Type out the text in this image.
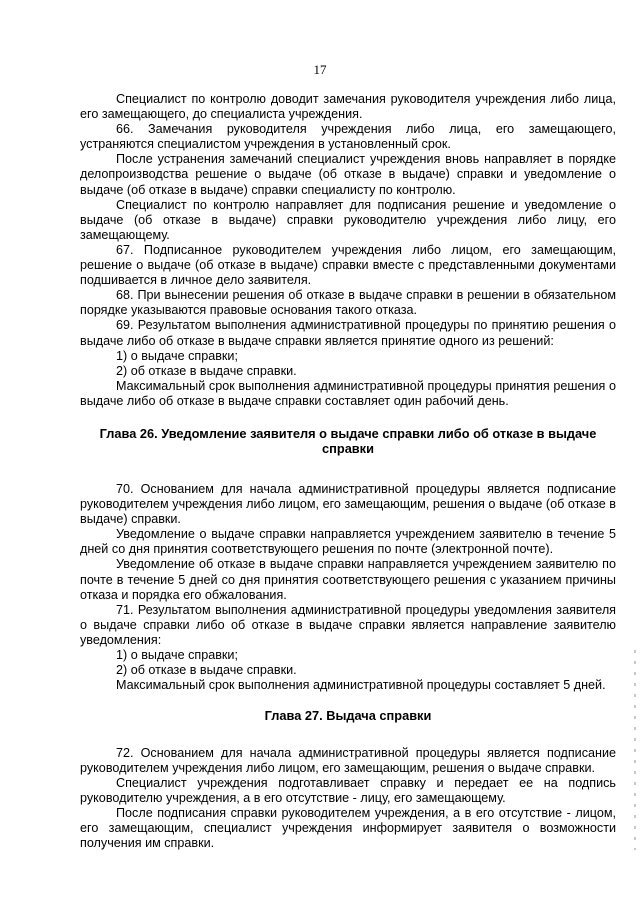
17

Специалист по контролю доводит замечания руководителя учреждения либо лица, его замещающего, до специалиста учреждения.

66. Замечания руководителя учреждения либо лица, его замещающего, устраняются специалистом учреждения в установленный срок.

После устранения замечаний специалист учреждения вновь направляет в порядке делопроизводства решение о выдаче (об отказе в выдаче) справки и уведомление о выдаче (об отказе в выдаче) справки специалисту по контролю.

Специалист по контролю направляет для подписания решение и уведомление о выдаче (об отказе в выдаче) справки руководителю учреждения либо лицу, его замещающему.

67. Подписанное руководителем учреждения либо лицом, его замещающим, решение о выдаче (об отказе в выдаче) справки вместе с представленными документами подшивается в личное дело заявителя.

68. При вынесении решения об отказе в выдаче справки в решении в обязательном порядке указываются правовые основания такого отказа.

69. Результатом выполнения административной процедуры по принятию решения о выдаче либо об отказе в выдаче справки является принятие одного из решений:

1) о выдаче справки;

2) об отказе в выдаче справки.

Максимальный срок выполнения административной процедуры принятия решения о выдаче либо об отказе в выдаче справки составляет один рабочий день.

Глава 26. Уведомление заявителя о выдаче справки либо об отказе в выдаче справки

70. Основанием для начала административной процедуры является подписание руководителем учреждения либо лицом, его замещающим, решения о выдаче (об отказе в выдаче) справки.

Уведомление о выдаче справки направляется учреждением заявителю в течение 5 дней со дня принятия соответствующего решения по почте (электронной почте).

Уведомление об отказе в выдаче справки направляется учреждением заявителю по почте в течение 5 дней со дня принятия соответствующего решения с указанием причины отказа и порядка его обжалования.

71. Результатом выполнения административной процедуры уведомления заявителя о выдаче справки либо об отказе в выдаче справки является направление заявителю уведомления:

1) о выдаче справки;

2) об отказе в выдаче справки.

Максимальный срок выполнения административной процедуры составляет 5 дней.

Глава 27. Выдача справки

72. Основанием для начала административной процедуры является подписание руководителем учреждения либо лицом, его замещающим, решения о выдаче справки.

Специалист учреждения подготавливает справку и передает ее на подпись руководителю учреждения, а в его отсутствие - лицу, его замещающему.

После подписания справки руководителем учреждения, а в его отсутствие - лицом, его замещающим, специалист учреждения информирует заявителя о возможности получения им справки.
